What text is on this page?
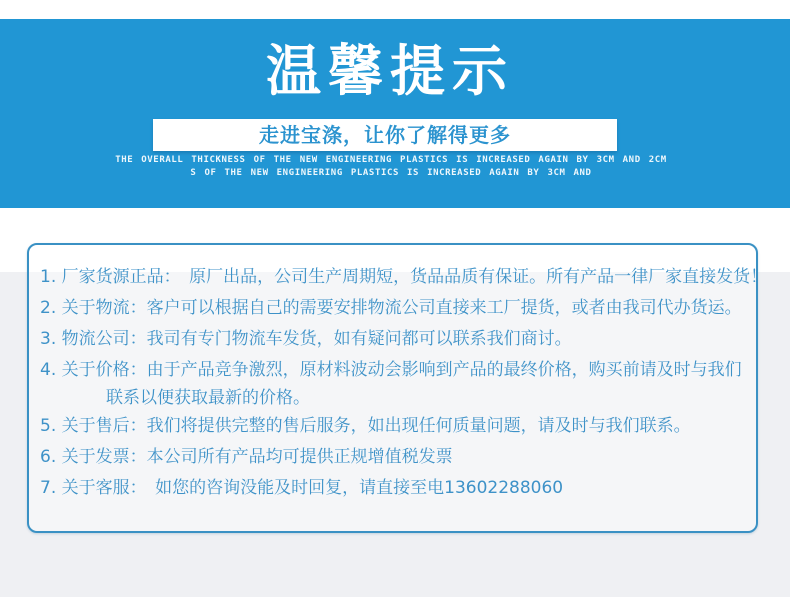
温馨提示
走进宝涤，让你了解得更多
THE OVERALL THICKNESS OF THE NEW ENGINEERING PLASTICS IS INCREASED AGAIN BY 3CM AND 2CM
S OF THE NEW ENGINEERING PLASTICS IS INCREASED AGAIN BY 3CM AND
1. 厂家货源正品：　原厂出品，公司生产周期短，货品品质有保证。所有产品一律厂家直接发货！
2. 关于物流：客户可以根据自己的需要安排物流公司直接来工厂提货，或者由我司代办货运。
3. 物流公司：我司有专门物流车发货，如有疑问都可以联系我们商讨。
4. 关于价格：由于产品竞争激烈，原材料波动会影响到产品的最终价格，购买前请及时与我们
联系以便获取最新的价格。
5. 关于售后：我们将提供完整的售后服务，如出现任何质量问题，请及时与我们联系。
6. 关于发票：本公司所有产品均可提供正规增值税发票
7. 关于客服：　如您的咨询没能及时回复，请直接至电13602288060
